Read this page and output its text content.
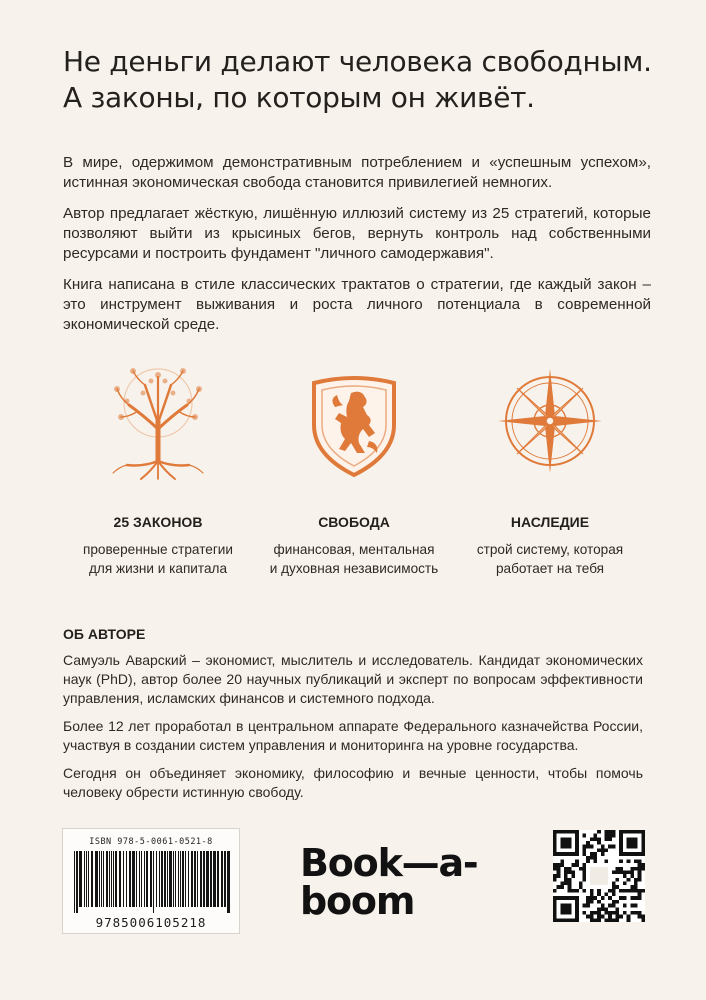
Не деньги делают человека свободным.
А законы, по которым он живёт.

В мире, одержимом демонстративным потреблением и «успешным успехом», истинная экономическая свобода становится привилегией немногих.

Автор предлагает жёсткую, лишённую иллюзий систему из 25 стратегий, которые позволяют выйти из крысиных бегов, вернуть контроль над собственными ресурсами и построить фундамент "личного самодержавия".

Книга написана в стиле классических трактатов о стратегии, где каждый закон – это инструмент выживания и роста личного потенциала в современной экономической среде.

25 ЗАКОНОВ
проверенные стратегии
для жизни и капитала
СВОБОДА
финансовая, ментальная
и духовная независимость
НАСЛЕДИЕ
строй систему, которая
работает на тебя
ОБ АВТОРЕ

Самуэль Аварский – экономист, мыслитель и исследователь. Кандидат экономических наук (PhD), автор более 20 научных публикаций и эксперт по вопросам эффективности управления, исламских финансов и системного подхода.

Более 12 лет проработал в центральном аппарате Федерального казначейства России, участвуя в создании систем управления и мониторинга на уровне государства.

Сегодня он объединяет экономику, философию и вечные ценности, чтобы помочь человеку обрести истинную свободу.

ISBN 978-5-0061-0521-8
9785006105218
Book—a-
boom
